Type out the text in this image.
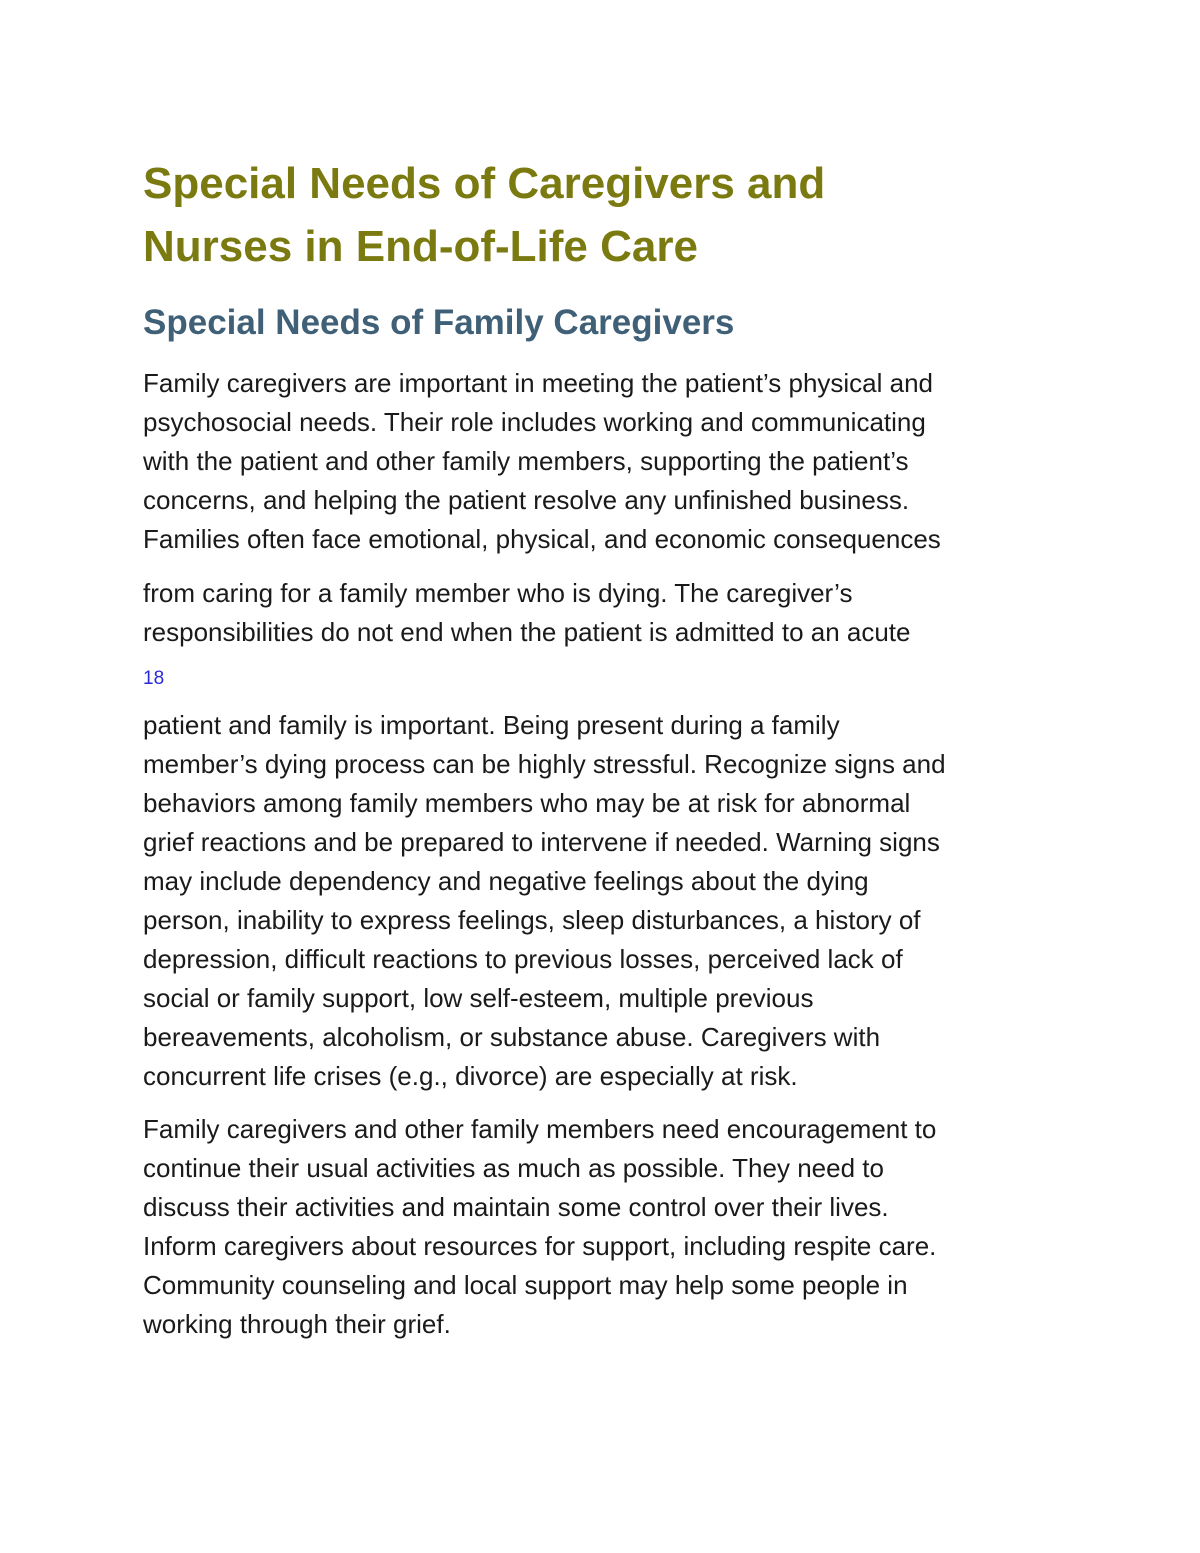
Special Needs of Caregivers and
Nurses in End-of-Life Care
Special Needs of Family Caregivers

Family caregivers are important in meeting the patient’s physical and
psychosocial needs. Their role includes working and communicating
with the patient and other family members, supporting the patient’s
concerns, and helping the patient resolve any unfinished business.
Families often face emotional, physical, and economic consequences

from caring for a family member who is dying. The caregiver’s
responsibilities do not end when the patient is admitted to an acute

18

patient and family is important. Being present during a family
member’s dying process can be highly stressful. Recognize signs and
behaviors among family members who may be at risk for abnormal
grief reactions and be prepared to intervene if needed. Warning signs
may include dependency and negative feelings about the dying
person, inability to express feelings, sleep disturbances, a history of
depression, difficult reactions to previous losses, perceived lack of
social or family support, low self-esteem, multiple previous
bereavements, alcoholism, or substance abuse. Caregivers with
concurrent life crises (e.g., divorce) are especially at risk.

Family caregivers and other family members need encouragement to
continue their usual activities as much as possible. They need to
discuss their activities and maintain some control over their lives.
Inform caregivers about resources for support, including respite care.
Community counseling and local support may help some people in
working through their grief.
